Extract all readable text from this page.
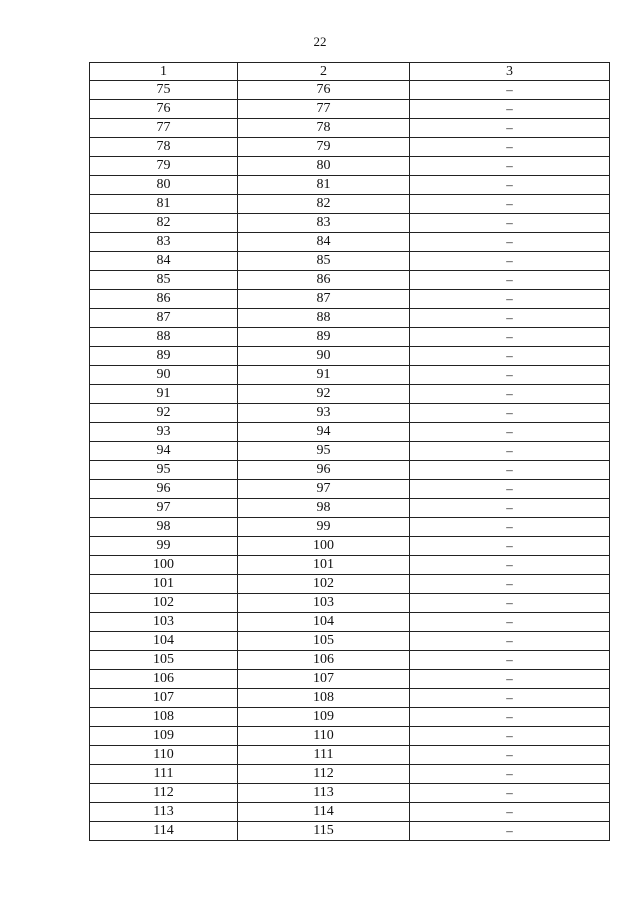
22
1	2	3
75	76	–
76	77	–
77	78	–
78	79	–
79	80	–
80	81	–
81	82	–
82	83	–
83	84	–
84	85	–
85	86	–
86	87	–
87	88	–
88	89	–
89	90	–
90	91	–
91	92	–
92	93	–
93	94	–
94	95	–
95	96	–
96	97	–
97	98	–
98	99	–
99	100	–
100	101	–
101	102	–
102	103	–
103	104	–
104	105	–
105	106	–
106	107	–
107	108	–
108	109	–
109	110	–
110	111	–
111	112	–
112	113	–
113	114	–
114	115	–
